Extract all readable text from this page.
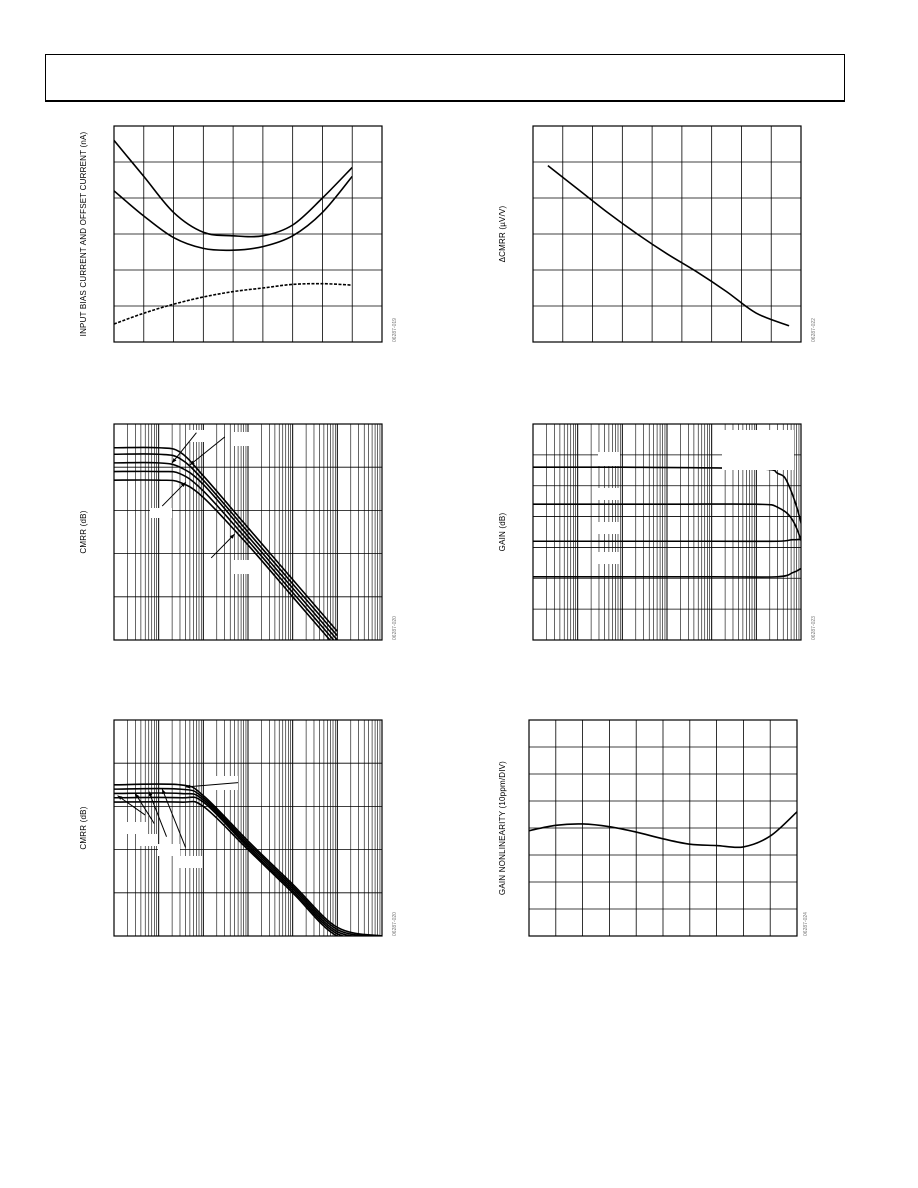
INPUT BIAS CURRENT AND OFFSET CURRENT (nA)	06287-019
ΔCMRR (µV/V)
06287-022
CMRR (dB)
06287-020
GAIN (dB)
06287-023
CMRR (dB)
06287-020
GAIN NONLINEARITY (10ppm/DIV)
06287-024
